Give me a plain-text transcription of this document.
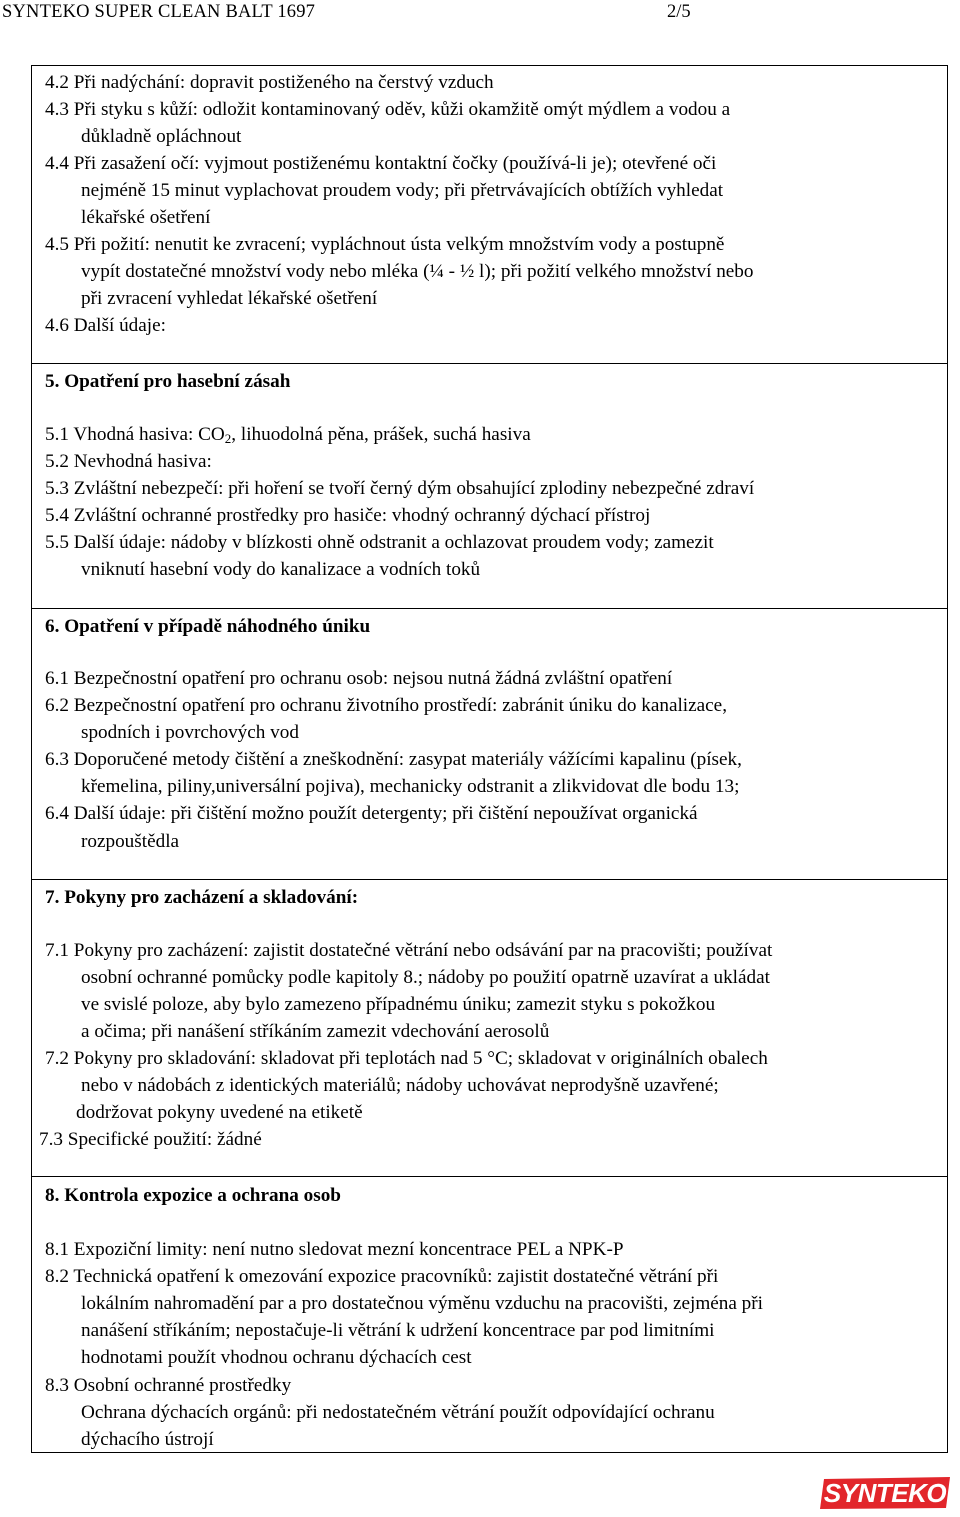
SYNTEKO SUPER CLEAN BALT 1697	2/5
4.2 Při nadýchání: dopravit postiženého na čerstvý vzduch
4.3 Při styku s kůží: odložit kontaminovaný oděv, kůži okamžitě omýt mýdlem a vodou a
důkladně opláchnout
4.4 Při zasažení očí: vyjmout postiženému kontaktní čočky (používá-li je); otevřené oči
nejméně 15 minut vyplachovat proudem vody; při přetrvávajících obtížích vyhledat
lékařské ošetření
4.5 Při požití: nenutit ke zvracení; vypláchnout ústa velkým množstvím vody a postupně
vypít dostatečné množství vody nebo mléka (¼ - ½ l); při požití velkého množství nebo
při zvracení vyhledat lékařské ošetření
4.6 Další údaje:
5. Opatření pro hasební zásah
5.1 Vhodná hasiva: $CO_2$, lihuodolná pěna, prášek, suchá hasiva
5.2 Nevhodná hasiva:
5.3 Zvláštní nebezpečí: při hoření se tvoří černý dým obsahující zplodiny nebezpečné zdraví
5.4 Zvláštní ochranné prostředky pro hasiče: vhodný ochranný dýchací přístroj
5.5 Další údaje: nádoby v blízkosti ohně odstranit a ochlazovat proudem vody; zamezit
vniknutí hasební vody do kanalizace a vodních toků
6. Opatření v případě náhodného úniku
6.1 Bezpečnostní opatření pro ochranu osob: nejsou nutná žádná zvláštní opatření
6.2 Bezpečnostní opatření pro ochranu životního prostředí: zabránit úniku do kanalizace,
spodních i povrchových vod
6.3 Doporučené metody čištění a zneškodnění: zasypat materiály vážícími kapalinu (písek,
křemelina, piliny,universální pojiva), mechanicky odstranit a zlikvidovat dle bodu 13;
6.4 Další údaje: při čištění možno použít detergenty; při čištění nepoužívat organická
rozpouštědla
7. Pokyny pro zacházení a skladování:
7.1 Pokyny pro zacházení: zajistit dostatečné větrání nebo odsávání par na pracovišti; používat
osobní ochranné pomůcky podle kapitoly 8.; nádoby po použití opatrně uzavírat a ukládat
ve svislé poloze, aby bylo zamezeno případnému úniku; zamezit styku s pokožkou
a očima; při nanášení stříkáním zamezit vdechování aerosolů
7.2 Pokyny pro skladování: skladovat při teplotách nad 5 °C; skladovat v originálních obalech
nebo v nádobách z identických materiálů; nádoby uchovávat neprodyšně uzavřené;
dodržovat pokyny uvedené na etiketě
7.3 Specifické použití: žádné
8. Kontrola expozice a ochrana osob
8.1 Expoziční limity: není nutno sledovat mezní koncentrace PEL a NPK-P
8.2 Technická opatření k omezování expozice pracovníků: zajistit dostatečné větrání při
lokálním nahromadění par a pro dostatečnou výměnu vzduchu na pracovišti, zejména při
nanášení stříkáním; nepostačuje-li větrání k udržení koncentrace par pod limitními
hodnotami použít vhodnou ochranu dýchacích cest
8.3 Osobní ochranné prostředky
Ochrana dýchacích orgánů: při nedostatečném větrání použít odpovídající ochranu
dýchacího ústrojí
SYNTEKO
